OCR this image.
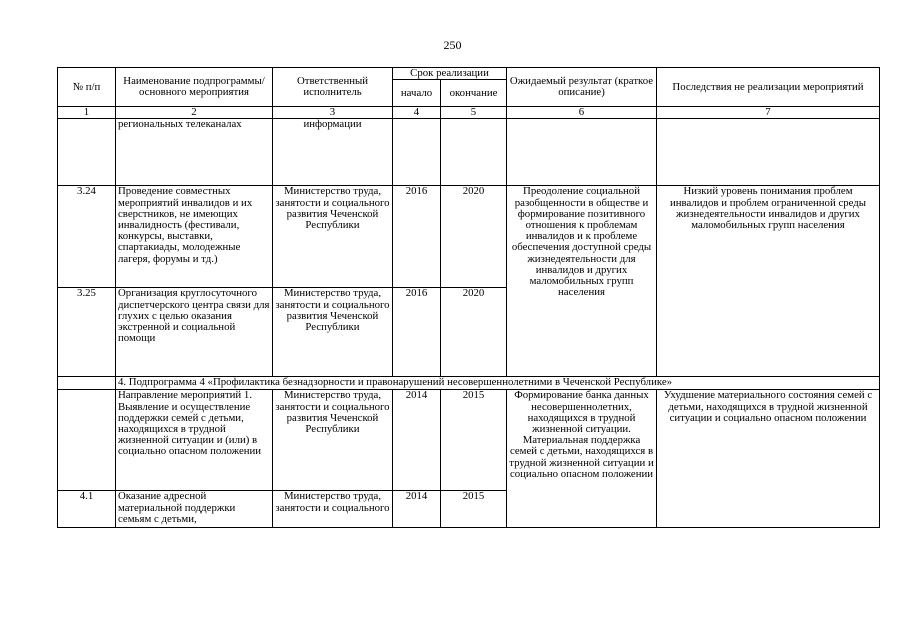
250
№ п/п	Наименование подпрограммы/ основного мероприятия	Ответственный исполнитель	Срок реализации		Ожидаемый результат (краткое описание)	Последствия не реализации мероприятий
			начало	окончание		
1	2	3	4	5	6	7
	региональных телеканалах	информации				
3.24	Проведение совместных мероприятий инвалидов и их сверстников, не имеющих инвалидность (фестивали, конкурсы, выставки, спартакиады, молодежные лагеря, форумы и тд.)	Министерство труда, занятости и социального развития Чеченской Республики	2016	2020	Преодоление социальной разобщенности в обществе и формирование позитивного отношения к проблемам инвалидов и к проблеме обеспечения доступной среды жизнедеятельности для инвалидов и других маломобильных групп населения	Низкий уровень понимания проблем инвалидов и проблем ограниченной среды жизнедеятельности инвалидов и других маломобильных групп населения
3.25	Организация круглосуточного диспетчерского центра связи для глухих с целью оказания экстренной и социальной помощи	Министерство труда, занятости и социального развития Чеченской Республики	2016	2020		
	4. Подпрограмма 4 «Профилактика безнадзорности и правонарушений несовершеннолетними в Чеченской Республике»					
	Направление мероприятий 1. Выявление и осуществление поддержки семей с детьми, находящихся в трудной жизненной ситуации и (или) в социально опасном положении	Министерство труда, занятости и социального развития Чеченской Республики	2014	2015	Формирование банка данных несовершеннолетних, находящихся в трудной жизненной ситуации. Материальная поддержка семей с детьми, находящихся в трудной жизненной ситуации и социально опасном положении	Ухудшение материального состояния семей с детьми, находящихся в трудной жизненной ситуации и социально опасном положении
4.1	Оказание адресной материальной поддержки семьям с детьми,	Министерство труда, занятости и социального	2014	2015		
